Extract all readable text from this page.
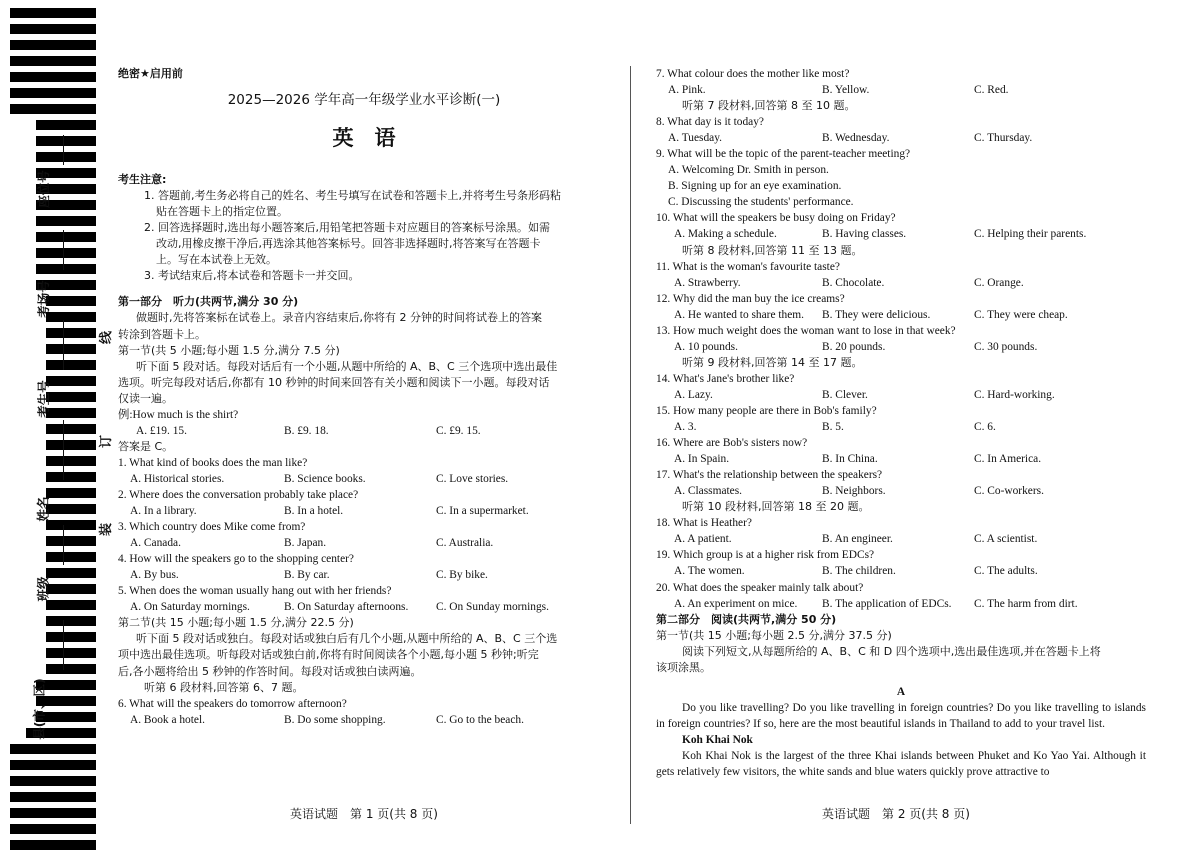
座位号
考场号
考生号
姓名
班级
县(市、区)
线
订
装
绝密★启用前
2025—2026 学年高一年级学业水平诊断(一)
英　语
考生注意:
1. 答题前,考生务必将自己的姓名、考生号填写在试卷和答题卡上,并将考生号条形码粘
贴在答题卡上的指定位置。
2. 回答选择题时,选出每小题答案后,用铅笔把答题卡对应题目的答案标号涂黑。如需
改动,用橡皮擦干净后,再选涂其他答案标号。回答非选择题时,将答案写在答题卡
上。写在本试卷上无效。
3. 考试结束后,将本试卷和答题卡一并交回。
第一部分　听力(共两节,满分 30 分)
做题时,先将答案标在试卷上。录音内容结束后,你将有 2 分钟的时间将试卷上的答案
转涂到答题卡上。
第一节(共 5 小题;每小题 1.5 分,满分 7.5 分)
听下面 5 段对话。每段对话后有一个小题,从题中所给的 A、B、C 三个选项中选出最佳
选项。听完每段对话后,你都有 10 秒钟的时间来回答有关小题和阅读下一小题。每段对话
仅读一遍。
例:How much is the shirt?
A. £19. 15.	B. £9. 18.	C. £9. 15.
答案是 C。
1. What kind of books does the man like?
A. Historical stories.	B. Science books.	C. Love stories.
2. Where does the conversation probably take place?
A. In a library.	B. In a hotel.	C. In a supermarket.
3. Which country does Mike come from?
A. Canada.	B. Japan.	C. Australia.
4. How will the speakers go to the shopping center?
A. By bus.	B. By car.	C. By bike.
5. When does the woman usually hang out with her friends?
A. On Saturday mornings.	B. On Saturday afternoons. C. On Sunday mornings.
第二节(共 15 小题;每小题 1.5 分,满分 22.5 分)
听下面 5 段对话或独白。每段对话或独白后有几个小题,从题中所给的 A、B、C 三个选
项中选出最佳选项。听每段对话或独白前,你将有时间阅读各个小题,每小题 5 秒钟;听完
后,各小题将给出 5 秒钟的作答时间。每段对话或独白读两遍。
听第 6 段材料,回答第 6、7 题。
6. What will the speakers do tomorrow afternoon?
A. Book a hotel.	B. Do some shopping.	C. Go to the beach.
英语试题　第 1 页(共 8 页)
7. What colour does the mother like most?
A. Pink.	B. Yellow.	C. Red.
听第 7 段材料,回答第 8 至 10 题。
8. What day is it today?
A. Tuesday.	B. Wednesday.	C. Thursday.
9. What will be the topic of the parent-teacher meeting?
A. Welcoming Dr. Smith in person.
B. Signing up for an eye examination.
C. Discussing the students' performance.
10. What will the speakers be busy doing on Friday?
A. Making a schedule.	B. Having classes.	C. Helping their parents.
听第 8 段材料,回答第 11 至 13 题。
11. What is the woman's favourite taste?
A. Strawberry.	B. Chocolate.	C. Orange.
12. Why did the man buy the ice creams?
A. He wanted to share them. B. They were delicious.	C. They were cheap.
13. How much weight does the woman want to lose in that week?
A. 10 pounds.	B. 20 pounds.	C. 30 pounds.
听第 9 段材料,回答第 14 至 17 题。
14. What's Jane's brother like?
A. Lazy.	B. Clever.	C. Hard-working.
15. How many people are there in Bob's family?
A. 3.	B. 5.	C. 6.
16. Where are Bob's sisters now?
A. In Spain.	B. In China.	C. In America.
17. What's the relationship between the speakers?
A. Classmates.	B. Neighbors.	C. Co-workers.
听第 10 段材料,回答第 18 至 20 题。
18. What is Heather?
A. A patient.	B. An engineer.	C. A scientist.
19. Which group is at a higher risk from EDCs?
A. The women.	B. The children.	C. The adults.
20. What does the speaker mainly talk about?
A. An experiment on mice. B. The application of EDCs. C. The harm from dirt.
第二部分　阅读(共两节,满分 50 分)
第一节(共 15 小题;每小题 2.5 分,满分 37.5 分)
阅读下列短文,从每题所给的 A、B、C 和 D 四个选项中,选出最佳选项,并在答题卡上将
该项涂黑。
A
Do you like travelling? Do you like travelling in foreign countries? Do you like travelling to islands in foreign countries? If so, here are the most beautiful islands in Thailand to add to your travel list.
Koh Khai Nok
Koh Khai Nok is the largest of the three Khai islands between Phuket and Ko Yao Yai. Although it gets relatively few visitors, the white sands and blue waters quickly prove attractive to
英语试题　第 2 页(共 8 页)
